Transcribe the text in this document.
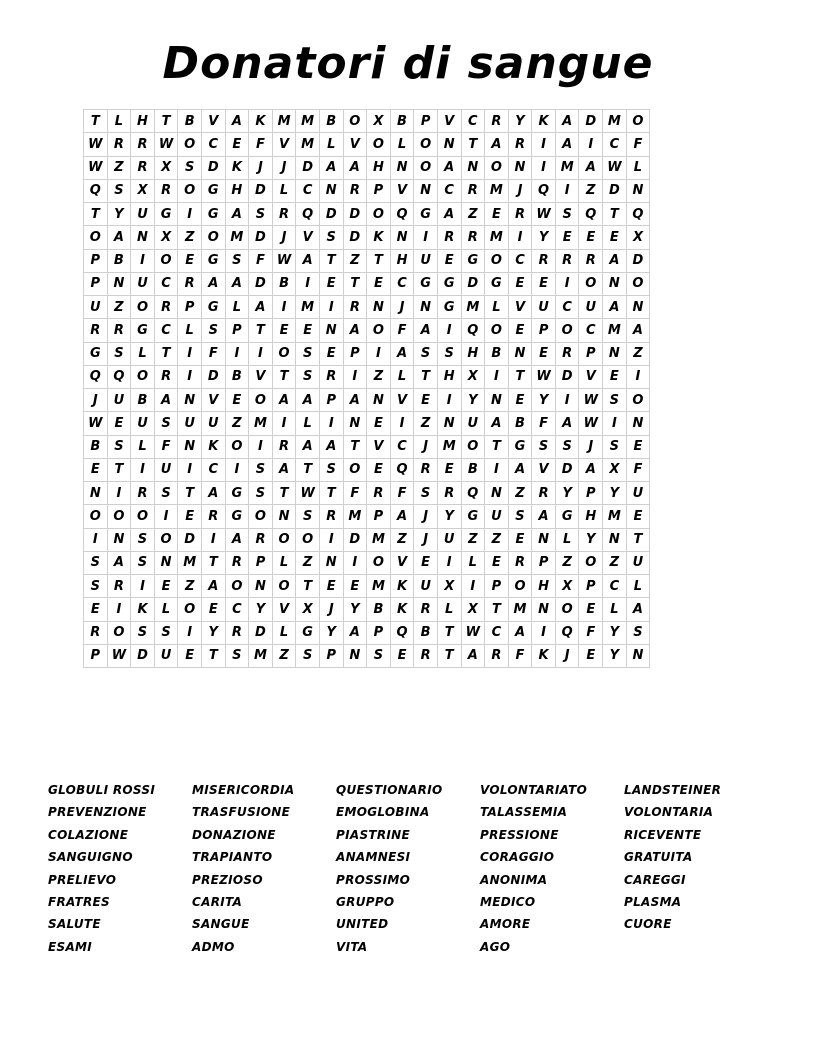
Donatori di sangue
T	L	H	T	B	V	A	K	M	M	B	O	X	B	P	V	C	R	Y	K	A	D	M	O
W	R	R	W	O	C	E	F	V	M	L	V	O	L	O	N	T	A	R	I	A	I	C	F
W	Z	R	X	S	D	K	J	J	D	A	A	H	N	O	A	N	O	N	I	M	A	W	L
Q	S	X	R	O	G	H	D	L	C	N	R	P	V	N	C	R	M	J	Q	I	Z	D	N
T	Y	U	G	I	G	A	S	R	Q	D	D	O	Q	G	A	Z	E	R	W	S	Q	T	Q
O	A	N	X	Z	O	M	D	J	V	S	D	K	N	I	R	R	M	I	Y	E	E	E	X
P	B	I	O	E	G	S	F	W	A	T	Z	T	H	U	E	G	O	C	R	R	R	A	D
P	N	U	C	R	A	A	D	B	I	E	T	E	C	G	G	D	G	E	E	I	O	N	O
U	Z	O	R	P	G	L	A	I	M	I	R	N	J	N	G	M	L	V	U	C	U	A	N
R	R	G	C	L	S	P	T	E	E	N	A	O	F	A	I	Q	O	E	P	O	C	M	A
G	S	L	T	I	F	I	I	O	S	E	P	I	A	S	S	H	B	N	E	R	P	N	Z
Q	Q	O	R	I	D	B	V	T	S	R	I	Z	L	T	H	X	I	T	W	D	V	E	I
J	U	B	A	N	V	E	O	A	A	P	A	N	V	E	I	Y	N	E	Y	I	W	S	O
W	E	U	S	U	U	Z	M	I	L	I	N	E	I	Z	N	U	A	B	F	A	W	I	N
B	S	L	F	N	K	O	I	R	A	A	T	V	C	J	M	O	T	G	S	S	J	S	E
E	T	I	U	I	C	I	S	A	T	S	O	E	Q	R	E	B	I	A	V	D	A	X	F
N	I	R	S	T	A	G	S	T	W	T	F	R	F	S	R	Q	N	Z	R	Y	P	Y	U
O	O	O	I	E	R	G	O	N	S	R	M	P	A	J	Y	G	U	S	A	G	H	M	E
I	N	S	O	D	I	A	R	O	O	I	D	M	Z	J	U	Z	Z	E	N	L	Y	N	T
S	A	S	N	M	T	R	P	L	Z	N	I	O	V	E	I	L	E	R	P	Z	O	Z	U
S	R	I	E	Z	A	O	N	O	T	E	E	M	K	U	X	I	P	O	H	X	P	C	L
E	I	K	L	O	E	C	Y	V	X	J	Y	B	K	R	L	X	T	M	N	O	E	L	A
R	O	S	S	I	Y	R	D	L	G	Y	A	P	Q	B	T	W	C	A	I	Q	F	Y	S
P	W	D	U	E	T	S	M	Z	S	P	N	S	E	R	T	A	R	F	K	J	E	Y	N
GLOBULI ROSSI
PREVENZIONE
COLAZIONE
SANGUIGNO
PRELIEVO
FRATRES
SALUTE
ESAMI
MISERICORDIA
TRASFUSIONE
DONAZIONE
TRAPIANTO
PREZIOSO
CARITA
SANGUE
ADMO
QUESTIONARIO
EMOGLOBINA
PIASTRINE
ANAMNESI
PROSSIMO
GRUPPO
UNITED
VITA
VOLONTARIATO
TALASSEMIA
PRESSIONE
CORAGGIO
ANONIMA
MEDICO
AMORE
AGO
LANDSTEINER
VOLONTARIA
RICEVENTE
GRATUITA
CAREGGI
PLASMA
CUORE
